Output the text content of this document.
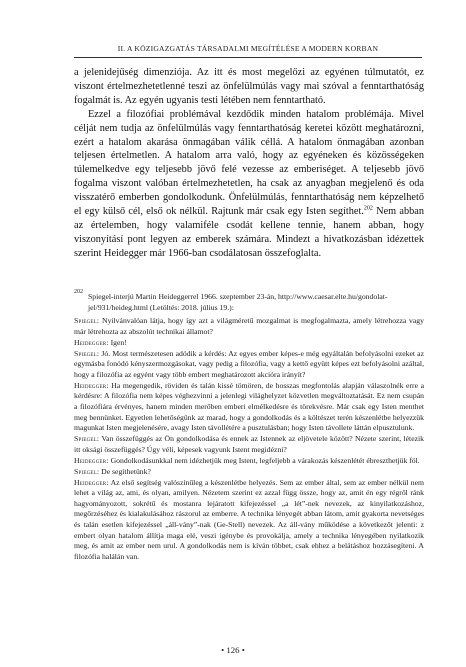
II. A KÖZIGAZGATÁS TÁRSADALMI MEGÍTÉLÉSE A MODERN KORBAN

a jelenidejűség dimenziója. Az itt és most megelőzi az egyénen túlmutatót, ez viszont értelmezhetetlenné teszi az önfelülmúlás vagy mai szóval a fenntarthatóság fogalmát is. Az egyén ugyanis testi létében nem fenntartható.

Ezzel a filozófiai problémával kezdődik minden hatalom problémája. Mivel célját nem tudja az önfelülmúlás vagy fenntarthatóság keretei között meghatározni, ezért a hatalom akarása önmagában válik céllá. A hatalom önmagában azonban teljesen értelmetlen. A hatalom arra való, hogy az egyéneken és közösségeken túlemelkedve egy teljesebb jövő felé vezesse az emberiséget. A teljesebb jövő fogalma viszont valóban értelmezhetetlen, ha csak az anyagban megjelenő és oda visszatérő emberben gondolkodunk. Önfelülmúlás, fenntarthatóság nem képzelhető el egy külső cél, első ok nélkül. Rajtunk már csak egy Isten segíthet.$^{202}$ Nem abban az értelemben, hogy valamiféle csodát kellene tennie, hanem abban, hogy viszonyításí pont legyen az emberek számára. Mindezt a hivatkozásban idézettek szerint Heidegger már 1966-ban csodálatosan összefoglalta.

202 Spiegel-interjú Martin Heideggerrel 1966. szeptember 23-án, http://www.caesar.elte.hu/gondolat-jel/931/heideg.html (Letöltés: 2018. július 19.):

Spiegel: Nyilvánvalóan látja, hogy így azt a világméretű mozgalmat is megfogalmazta, amely létrehozza vagy már létrehozta az abszolút technikai államot?

Heidegger: Igen!

Spiegel: Jó. Most természetesen adódik a kérdés: Az egyes ember képes-e még egyáltalán befolyásolni ezeket az egymásba fonódó kényszermozgásokat, vagy pedig a filozófia, vagy a kettő együtt képes ezt befolyásolni azáltal, hogy a filozófia az egyént vagy több embert meghatározott akcióra irányít?

Heidegger: Ha megengedik, röviden és talán kissé tömören, de hosszas megfontolás alapján válaszolnék erre a kérdésre: A filozófia nem képes véghezvinni a jelenlegi világhelyzet közvetlen megváltoztatását. Ez nem csupán a filozófiára érvényes, hanem minden merőben emberi elmélkedésre és törekvésre. Már csak egy Isten menthet meg bennünket. Egyetlen lehetőségünk az marad, hogy a gondolkodás és a költészet terén készenlétbe helyezzük magunkat Isten megjelenésére, avagy Isten távollétére a pusztulásban; hogy Isten távollete láttán elpusztulunk.

Spiegel: Van összefüggés az Ön gondolkodása és ennek az Istennek az eljövetele között? Nézete szerint, létezik itt oksági összefüggés? Úgy véli, képesek vagyunk Istent megidézni?

Heidegger: Gondolkodásunkkal nem idézhetjük meg Istent, legfeljebb a várakozás készenlétét ébreszthetjük föl.

Spiegel: De segíthetünk?

Heidegger: Az első segítség valószínűleg a készenlétbe helyezés. Sem az ember által, sem az ember nélkül nem lehet a világ az, ami, és olyan, amilyen. Nézetem szerint ez azzal függ össze, hogy az, amit én egy régről ránk hagyományozott, sokrétű és mostanra lejáratott kifejezéssel „a lét”-nek nevezek, az kinyilatkozáshoz, megőrzéséhez és kialakulásához rászorul az emberre. A technika lényegét abban látom, amit gyakorta nevetséges és talán esetlen kifejezéssel „áll-vány”-nak (Ge-Stell) nevezek. Az áll-vány működése a következőt jelenti: z embert olyan hatalom állítja maga elé, veszi igénybe és provokálja, amely a technika lényegében nyilatkozik meg, és amit az ember nem urul. A gondolkodás nem is kíván többet, csak ehhez a belátáshoz hozzásegíteni. A filozófia halálán van.

• 126 •
